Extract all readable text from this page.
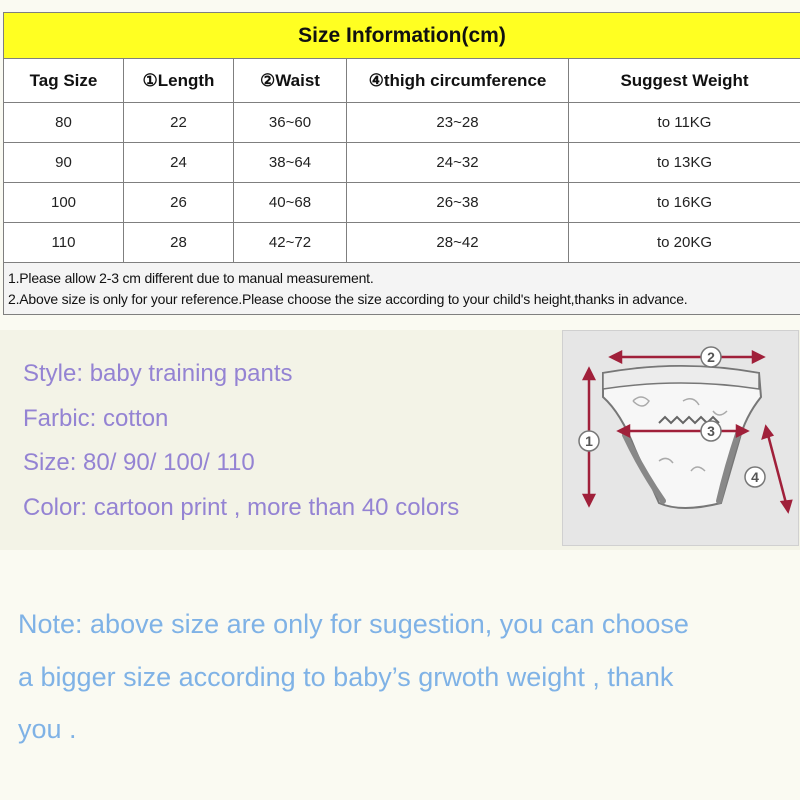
Size Information(cm)				
Tag Size	①Length	②Waist	④thigh circumference	Suggest Weight
80	22	36~60	23~28	to 11KG
90	24	38~64	24~32	to 13KG
100	26	40~68	26~38	to 16KG
110	28	42~72	28~42	to 20KG

1.Please allow 2-3 cm different due to manual measurement.
2.Above size is only for your reference.Please choose the size according to your child's height,thanks in advance.				
Style: baby training pants
Farbic: cotton
Size: 80/ 90/ 100/ 110
Color: cartoon print , more than 40 colors
2
1
3
4
Note: above size are only for sugestion, you can choose
a bigger size according to baby’s grwoth weight , thank
you .
